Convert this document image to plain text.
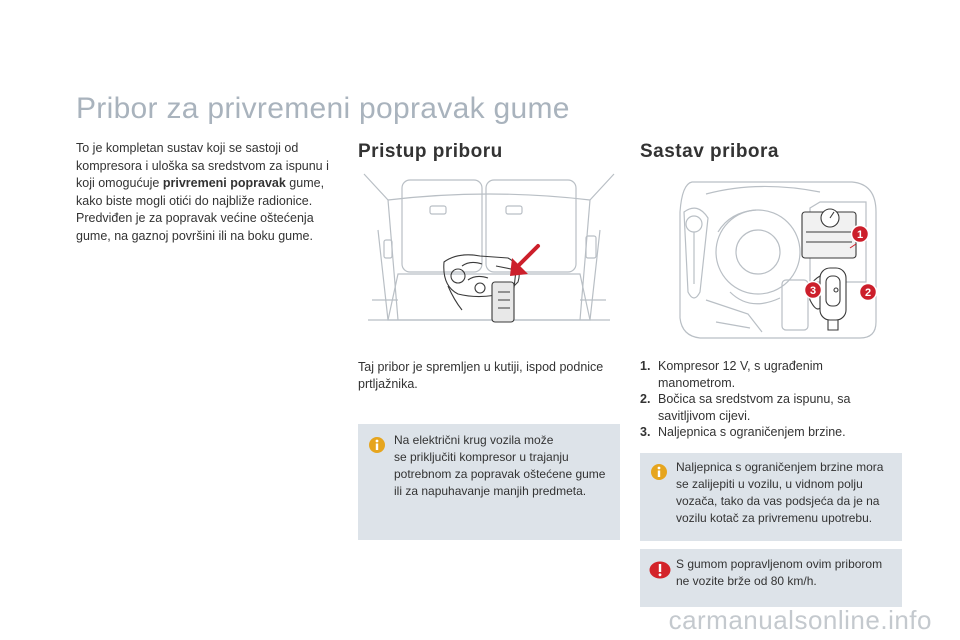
Pribor za privremeni popravak gume
To je kompletan sustav koji se sastoji od
kompresora i uloška sa sredstvom za ispunu i
koji omogućuje privremeni popravak gume,
kako biste mogli otići do najbliže radionice.
Predviđen je za popravak većine oštećenja
gume, na gaznoj površini ili na boku gume.
Pristup priboru
Taj pribor je spremljen u kutiji, ispod podnice
prtljažnika.
Na električni krug vozila može
se priključiti kompresor u trajanju
potrebnom za popravak oštećene gume
ili za napuhavanje manjih predmeta.
Sastav pribora
1
2
3
1. Kompresor 12 V, s ugrađenim
manometrom.
2. Bočica sa sredstvom za ispunu, sa
savitljivom cijevi.
3. Naljepnica s ograničenjem brzine.
Naljepnica s ograničenjem brzine mora
se zalijepiti u vozilu, u vidnom polju
vozača, tako da vas podsjeća da je na
vozilu kotač za privremenu upotrebu.
S gumom popravljenom ovim priborom
ne vozite brže od 80 km/h.
carmanualsonline.info
